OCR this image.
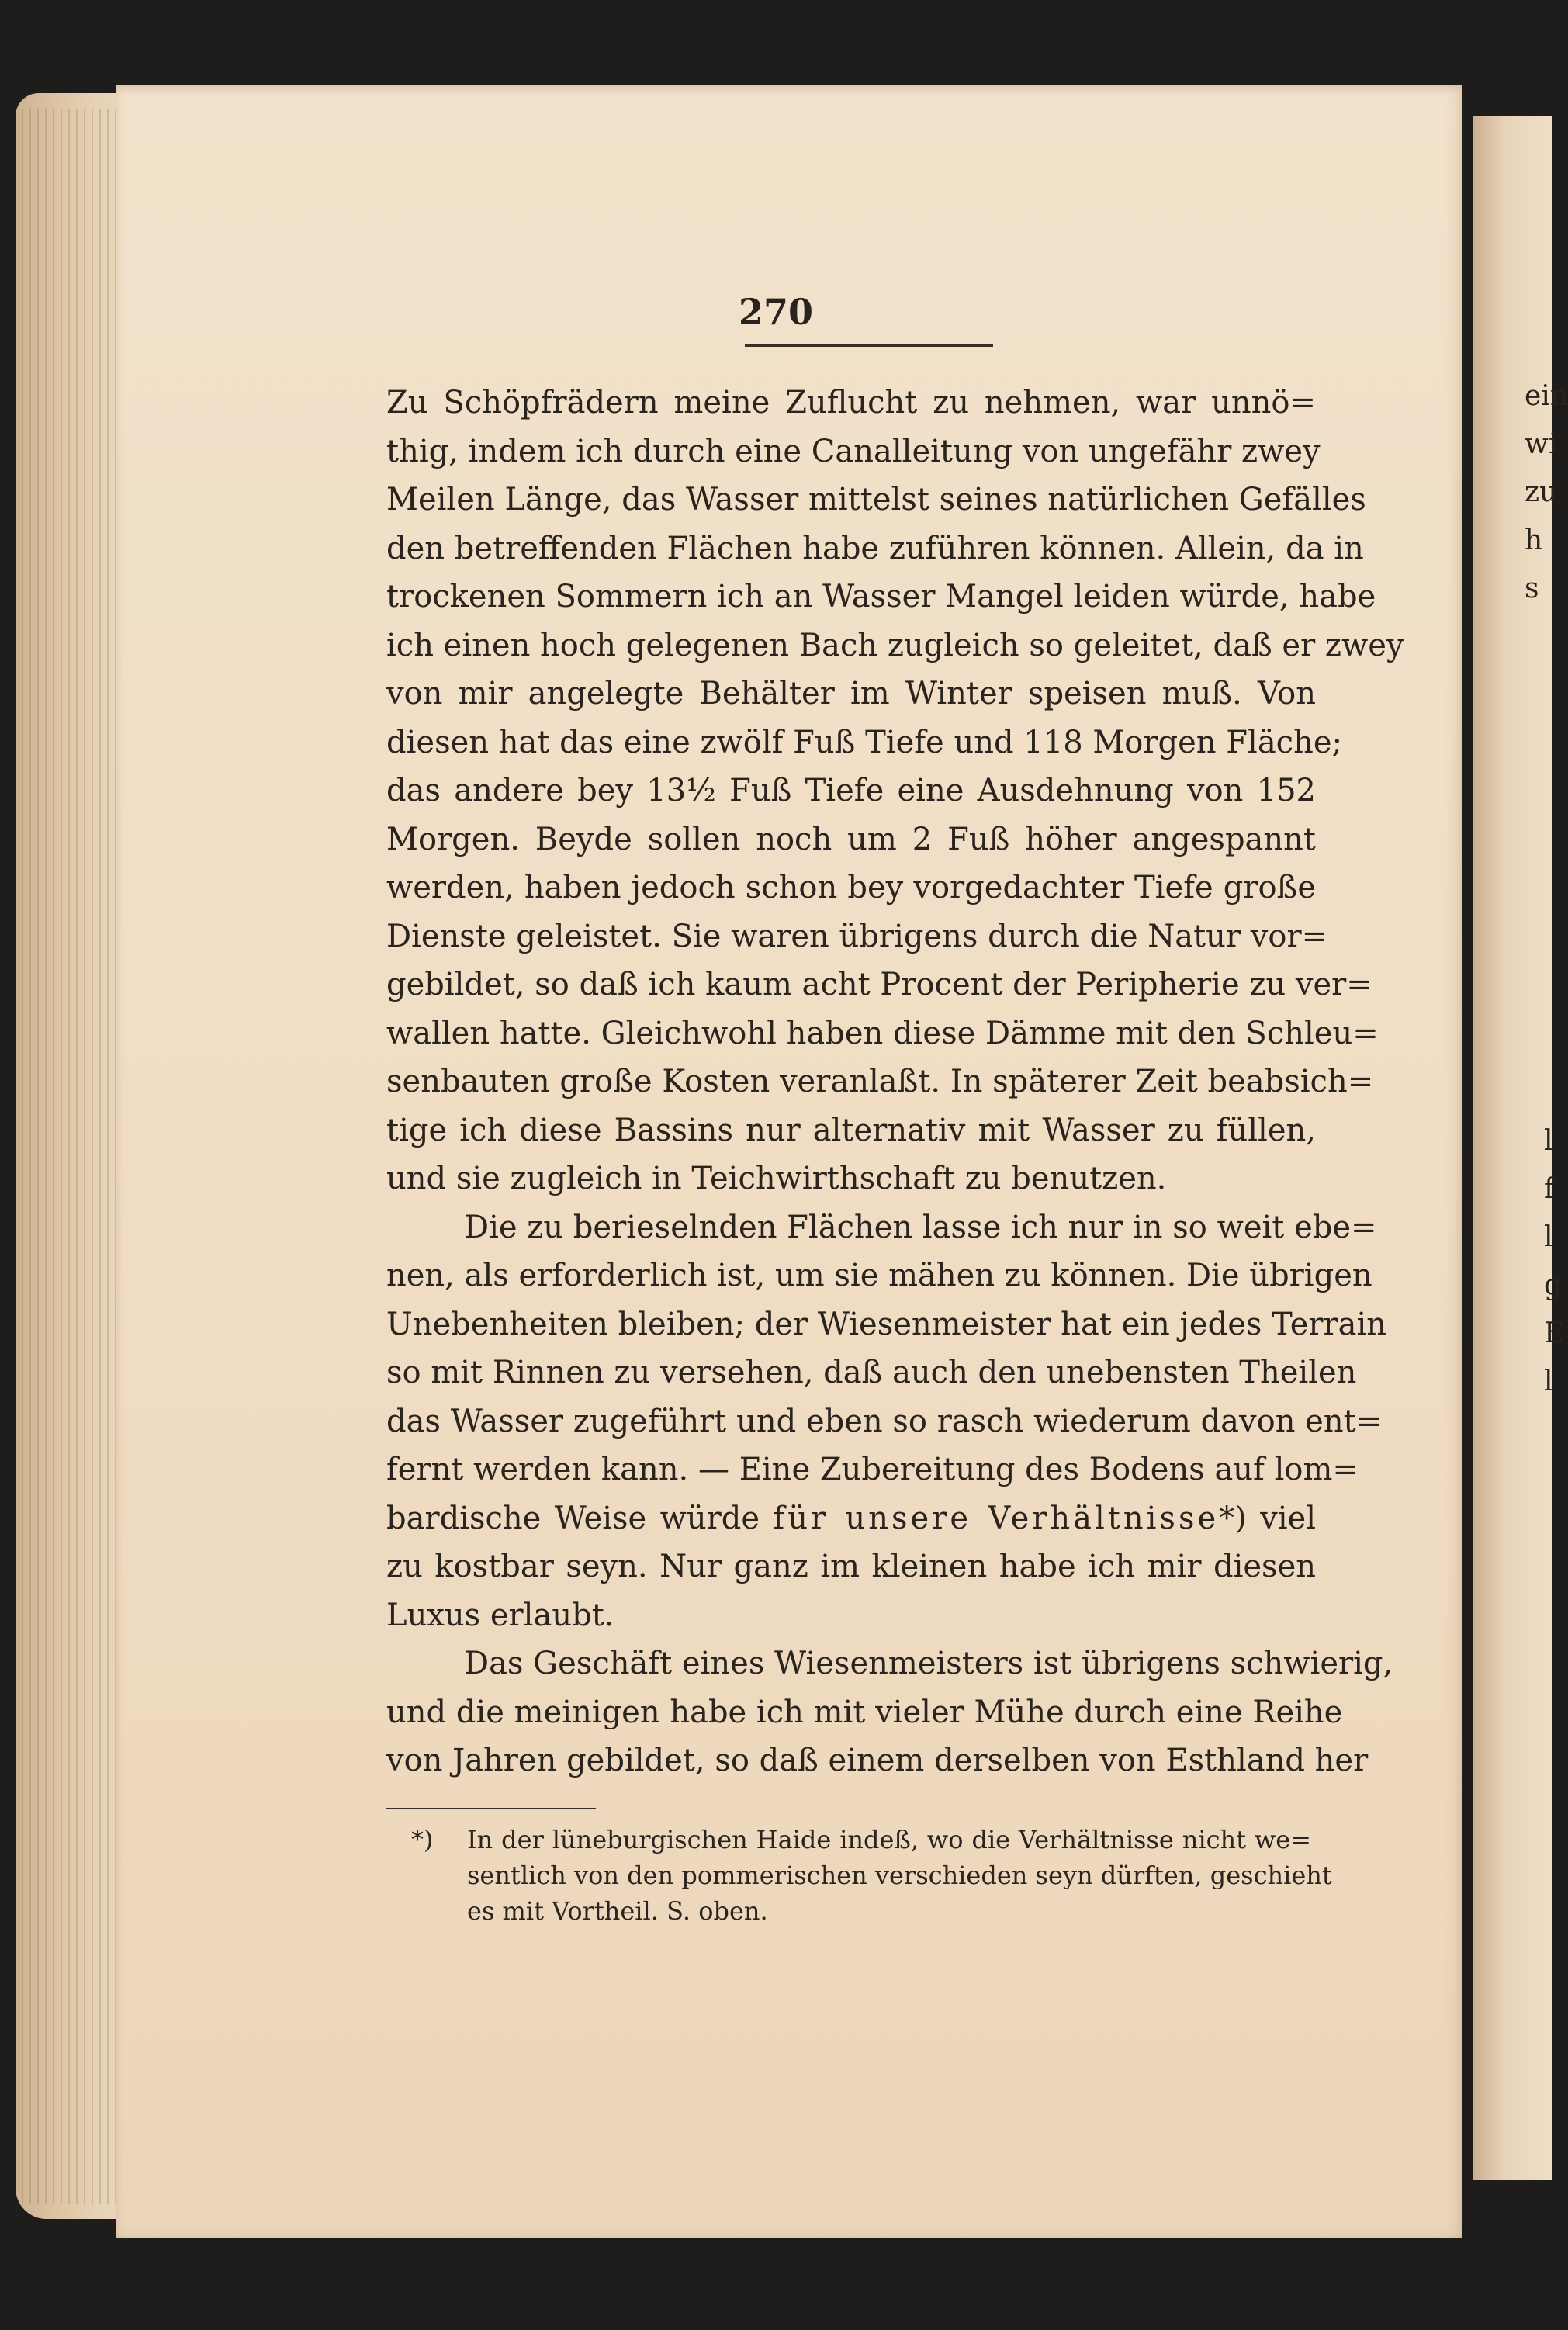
ein
wi
zu
h
s
l
f
l
g
E
l
270
Zu Schöpfrädern meine Zuflucht zu nehmen, war unnö=
thig, indem ich durch eine Canalleitung von ungefähr zwey
Meilen Länge, das Wasser mittelst seines natürlichen Gefälles
den betreffenden Flächen habe zuführen können. Allein, da in
trockenen Sommern ich an Wasser Mangel leiden würde, habe
ich einen hoch gelegenen Bach zugleich so geleitet, daß er zwey
von mir angelegte Behälter im Winter speisen muß. Von
diesen hat das eine zwölf Fuß Tiefe und 118 Morgen Fläche;
das andere bey 13½ Fuß Tiefe eine Ausdehnung von 152
Morgen. Beyde sollen noch um 2 Fuß höher angespannt
werden, haben jedoch schon bey vorgedachter Tiefe große
Dienste geleistet. Sie waren übrigens durch die Natur vor=
gebildet, so daß ich kaum acht Procent der Peripherie zu ver=
wallen hatte. Gleichwohl haben diese Dämme mit den Schleu=
senbauten große Kosten veranlaßt. In späterer Zeit beabsich=
tige ich diese Bassins nur alternativ mit Wasser zu füllen,
und sie zugleich in Teichwirthschaft zu benutzen.
Die zu berieselnden Flächen lasse ich nur in so weit ebe=
nen, als erforderlich ist, um sie mähen zu können. Die übrigen
Unebenheiten bleiben; der Wiesenmeister hat ein jedes Terrain
so mit Rinnen zu versehen, daß auch den unebensten Theilen
das Wasser zugeführt und eben so rasch wiederum davon ent=
fernt werden kann. — Eine Zubereitung des Bodens auf lom=
bardische Weise würde für unsere Verhältnisse*) viel
zu kostbar seyn. Nur ganz im kleinen habe ich mir diesen
Luxus erlaubt.
Das Geschäft eines Wiesenmeisters ist übrigens schwierig,
und die meinigen habe ich mit vieler Mühe durch eine Reihe
von Jahren gebildet, so daß einem derselben von Esthland her
*) In der lüneburgischen Haide indeß, wo die Verhältnisse nicht we=
sentlich von den pommerischen verschieden seyn dürften, geschieht
es mit Vortheil. S. oben.
